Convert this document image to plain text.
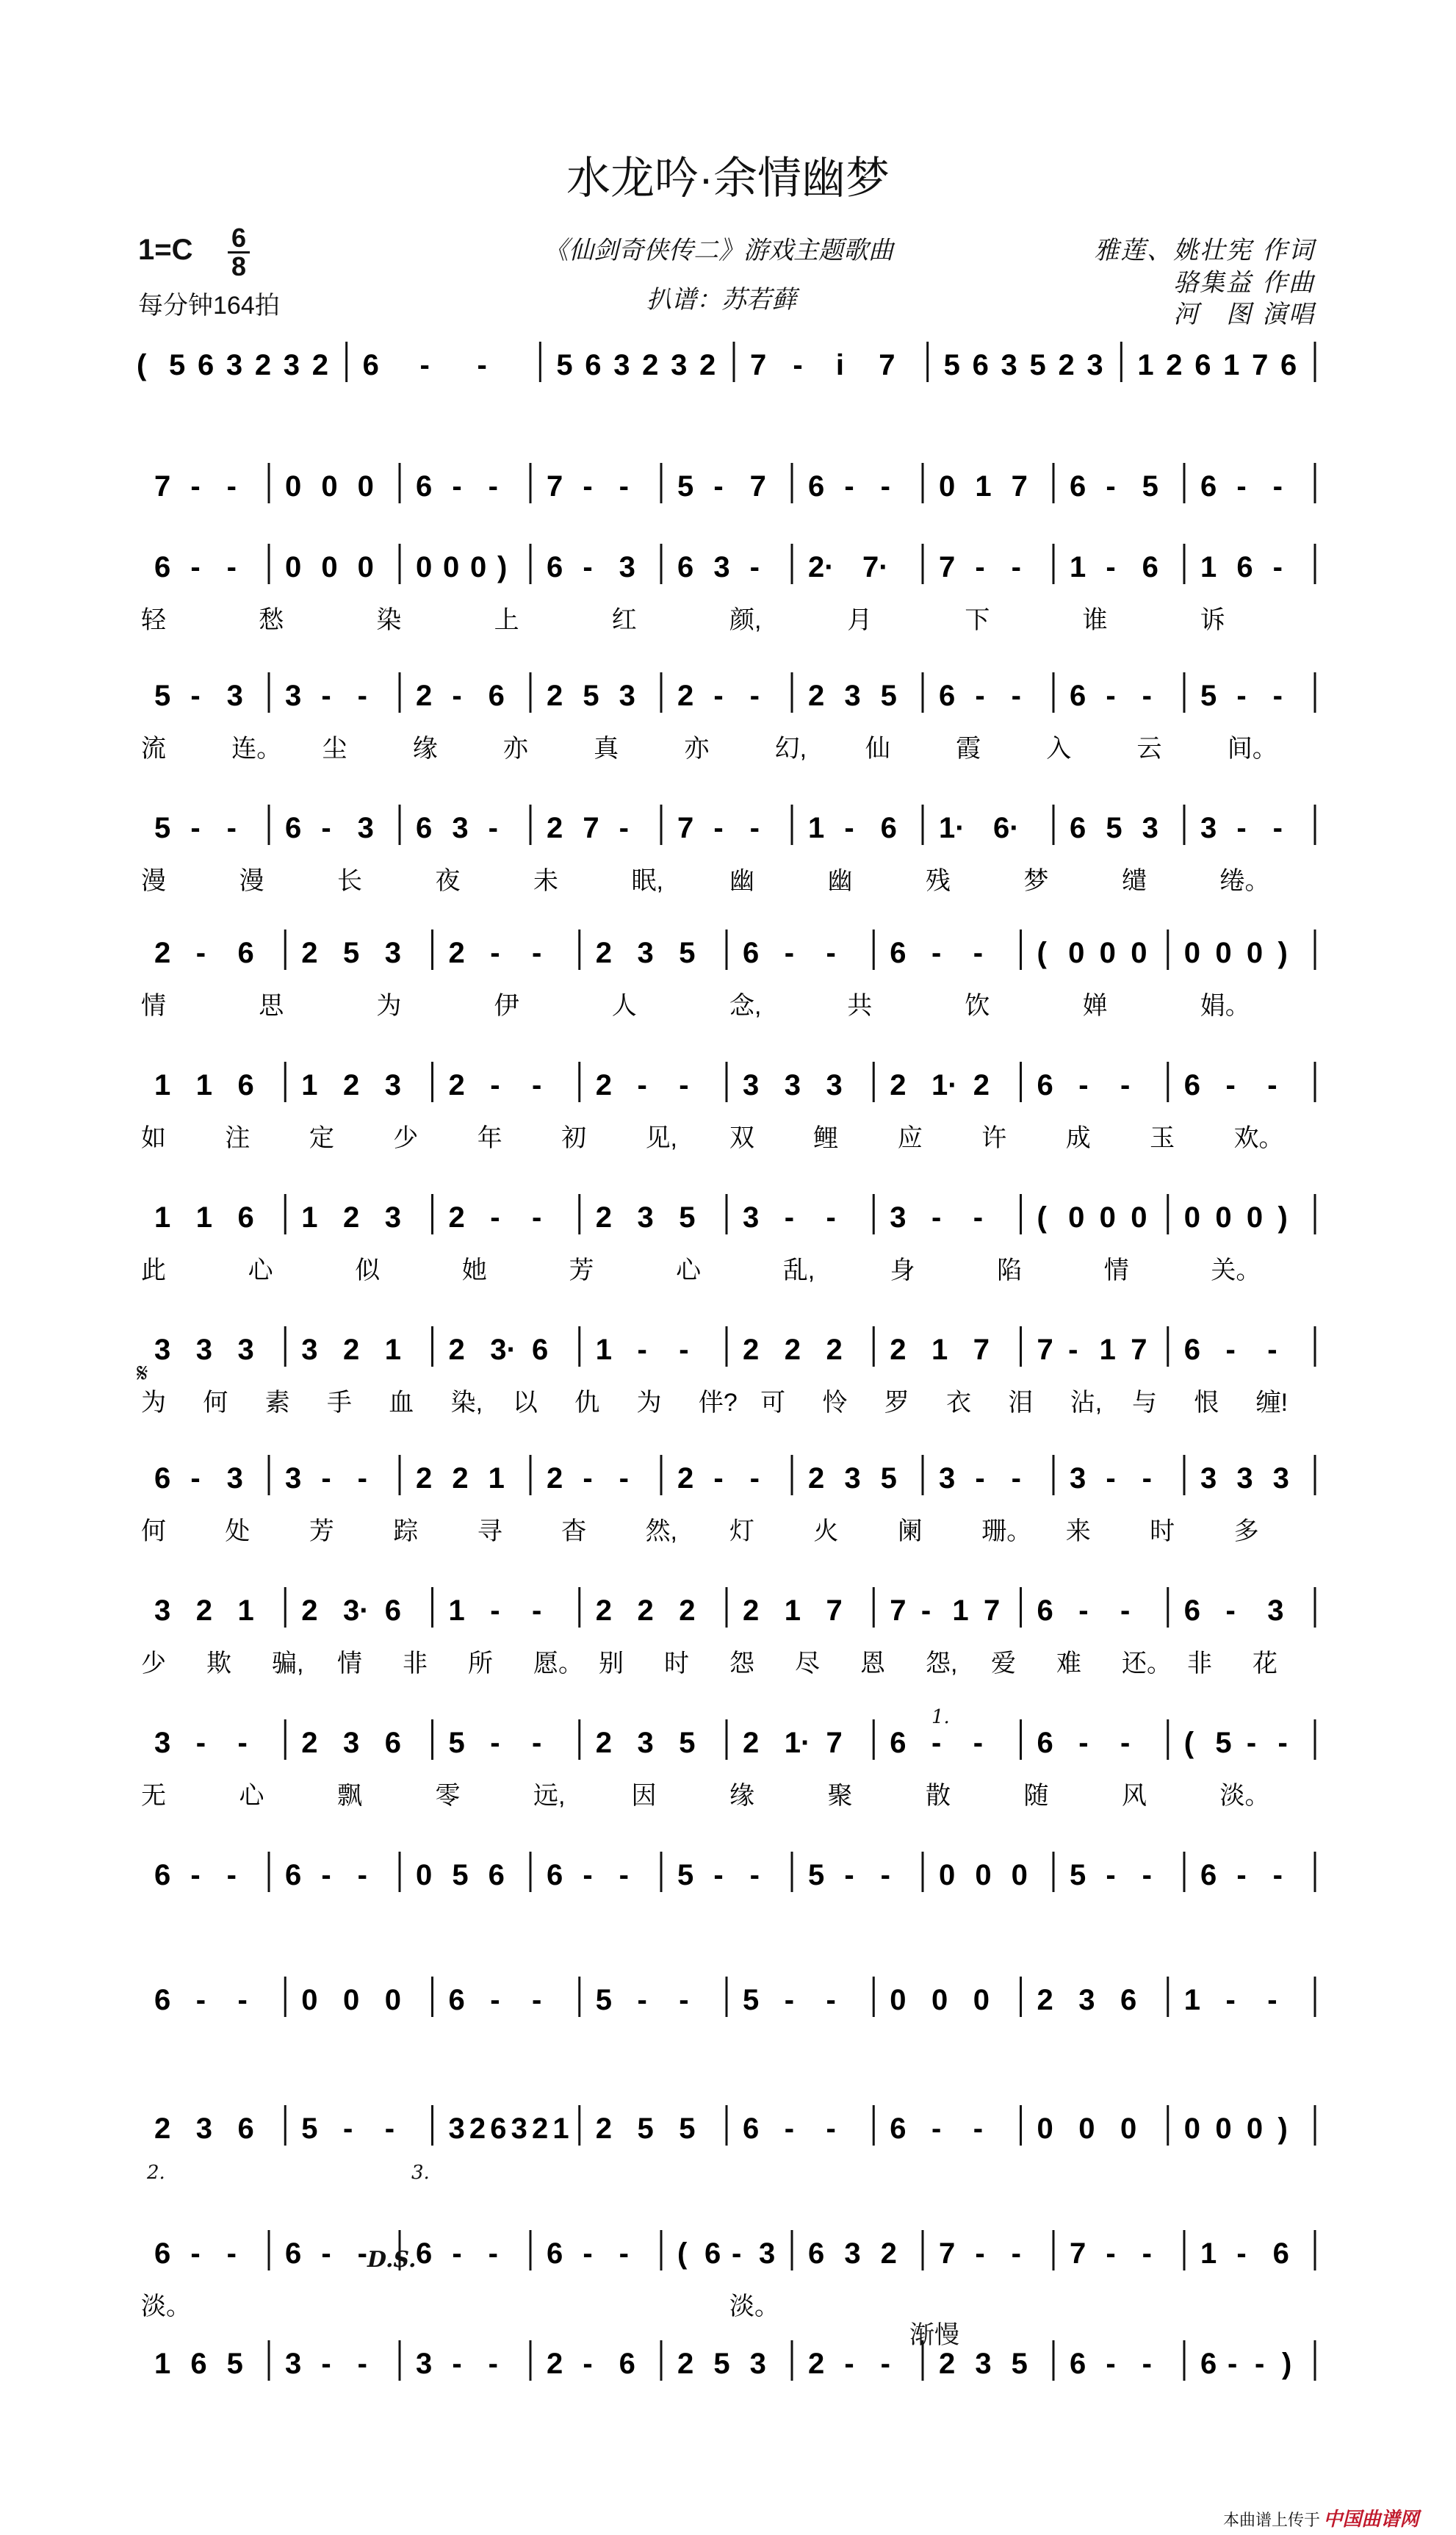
水龙吟·余情幽梦
1=C 6
8
每分钟164拍
《仙剑奇侠传二》游戏主题歌曲
扒谱：苏若藓
雅莲、姚壮宪 作词
骆集益 作曲
河　图 演唱
( 5 6 3 2 3 2 6 - - 5 6 3 2 3 2 7 - i 7 5 6 3 5 2 3 1 2 6 1 7 6
7 - - 0 0 0 6 - - 7 - - 5 - 7 6 - - 0 1 7 6 - 5 6 - -
6 - - 0 0 0 0 0 0 ) 6 - 3 6 3 - 2· 7· 7 - - 1 - 6 1 6 -
轻	愁	染	上	红	颜,	月	下	谁	诉
5 - 3 3 - - 2 - 6 2 5 3 2 - - 2 3 5 6 - - 6 - - 5 - -
流	连。 尘	缘	亦	真	亦	幻, 仙	霞	入	云	间。
5 - - 6 - 3 6 3 - 2 7 - 7 - - 1 - 6 1· 6· 6 5 3 3 - -
漫	漫	长	夜	未	眠,	幽	幽	残	梦	缱	绻。
2 - 6 2 5 3 2 - - 2 3 5 6 - - 6 - - ( 0 0 0 0 0 0 )
情	思	为	伊	人	念,	共	饮	婵	娟。
1 1 6 1 2 3 2 - - 2 - - 3 3 3 2 1· 2 6 - - 6 - -
如 注 定 少 年 初 见, 双 鲤 应 许 成 玉 欢。
1 1 6 1 2 3 2 - - 2 3 5 3 - - 3 - - ( 0 0 0 0 0 0 )
此	心	似	她	芳	心	乱,	身	陷	情	关。
3 3 3 3 2 1 2 3· 6 1 - - 2 2 2 2 1 7 7 - 1 7 6 - -
为 何 素 手 血 染, 以 仇 为 伴? 可 怜 罗 衣 泪 沾, 与 恨 缠!
6 - 3 3 - - 2 2 1 2 - - 2 - - 2 3 5 3 - - 3 - - 3 3 3
何 处 芳 踪 寻 杳 然, 灯 火 阑 珊。 来 时 多
3 2 1 2 3· 6 1 - - 2 2 2 2 1 7 7 - 1 7 6 - - 6 - 3
少 欺 骗, 情 非 所 愿。 别 时 怨 尽 恩 怨, 爱 难 还。 非 花
3 - - 2 3 6 5 - - 2 3 5 2 1· 7 6 - - 6 - - ( 5 - -
无	心	飘	零	远,	因	缘	聚	散	随	风	淡。
6 - - 6 - - 0 5 6 6 - - 5 - - 5 - - 0 0 0 5 - - 6 - -
6 - - 0 0 0 6 - - 5 - - 5 - - 0 0 0 2 3 6 1 - -
2 3 6 5 - - 3 2 6 3 2 1 2 5 5 6 - - 6 - - 0 0 0 0 0 0 )
6 - - 6 - - 6 - - 6 - - ( 6 - 3 6 3 2 7 - - 7 - - 1 - 6
淡。	淡。
1 6 5 3 - - 3 - - 2 - 6 2 5 3 2 - - 2 3 5 6 - - 6 - - )
𝄋
1.
2.	3.
D.S.
渐慢
本曲谱上传于 中国曲谱网
